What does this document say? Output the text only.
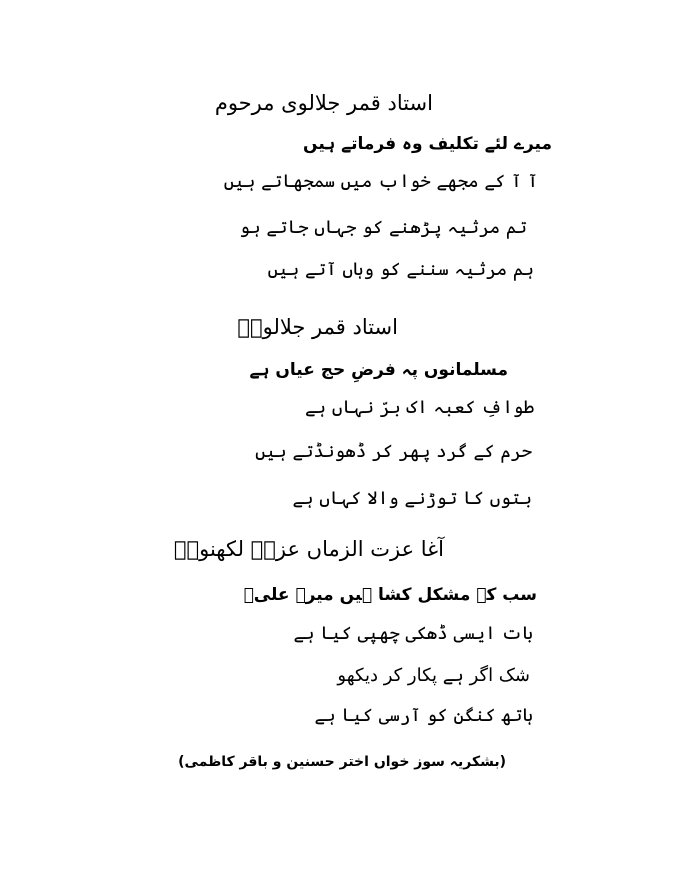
استاد قمر جلالوی مرحوم
میرے لئے تکلیف وہ فرماتے ہیں
آ آ کے مجھے خواب میں سمجھاتے ہیں
تم مرثیہ پڑھنے کو جہاں جاتے ہو
ہم مرثیہ سننے کو وہاں آتے ہیں
استاد قمر جلالویؒ
مسلمانوں پہ فرضِ حج عیاں ہے
طوافِ کعبہ اک برّ نہاں ہے
حرم کے گرد پھر کر ڈھونڈتے ہیں
بتوں کا توڑنے والا کہاں ہے
آغا عزت الزماں عزتؔ لکھنویؒ
سب کے مشکل کشا ہیں میرے علیؑ
بات ایسی ڈھکی چھپی کیا ہے
شک اگر ہے پکار کر دیکھو
ہاتھ کنگن کو آرسی کیا ہے
(بشکریہ سوز خواں اختر حسنین و باقر کاظمی)
